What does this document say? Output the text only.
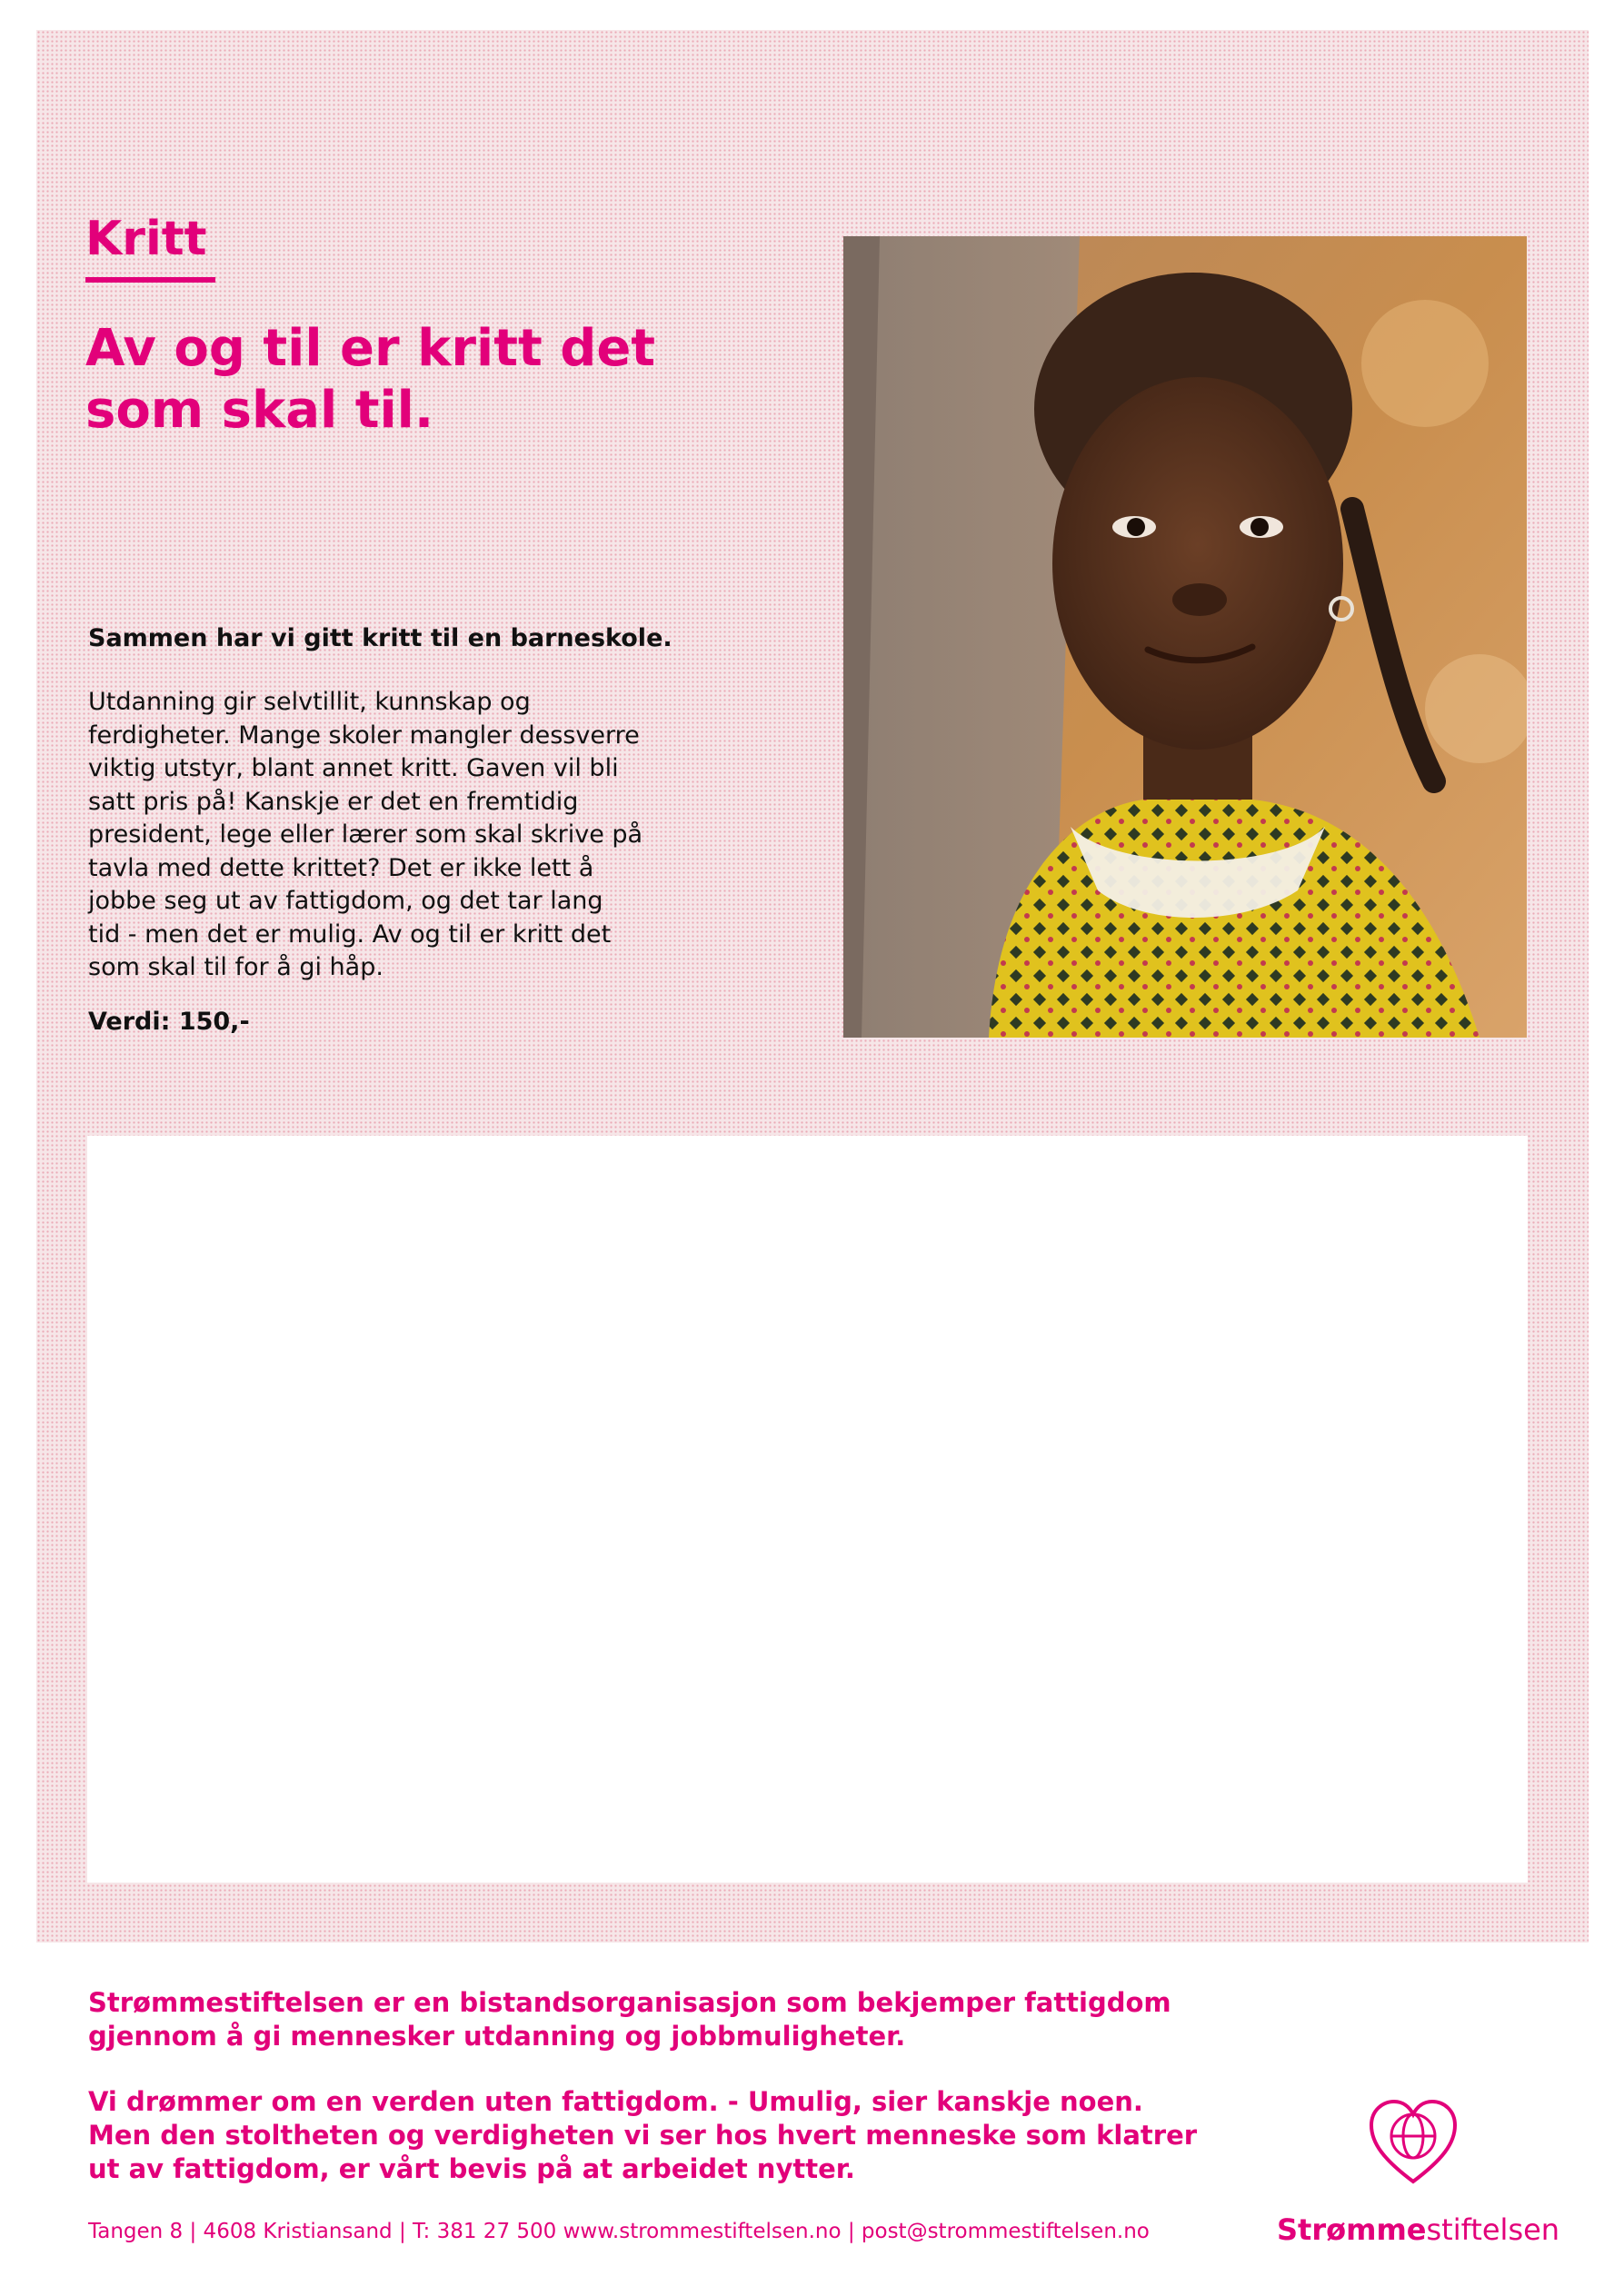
Kritt
Av og til er kritt det
som skal til.

Sammen har vi gitt kritt til en barneskole.

Utdanning gir selvtillit, kunnskap og
ferdigheter. Mange skoler mangler dessverre
viktig utstyr, blant annet kritt. Gaven vil bli
satt pris på! Kanskje er det en fremtidig
president, lege eller lærer som skal skrive på
tavla med dette krittet? Det er ikke lett å
jobbe seg ut av fattigdom, og det tar lang
tid - men det er mulig. Av og til er kritt det
som skal til for å gi håp.

Verdi: 150,-

Strømmestiftelsen er en bistandsorganisasjon som bekjemper fattigdom
gjennom å gi mennesker utdanning og jobbmuligheter.

Vi drømmer om en verden uten fattigdom. - Umulig, sier kanskje noen.
Men den stoltheten og verdigheten vi ser hos hvert menneske som klatrer
ut av fattigdom, er vårt bevis på at arbeidet nytter.

Tangen 8 | 4608 Kristiansand | T: 381 27 500 www.strommestiftelsen.no | post@strommestiftelsen.no	Strømmestiftelsen
